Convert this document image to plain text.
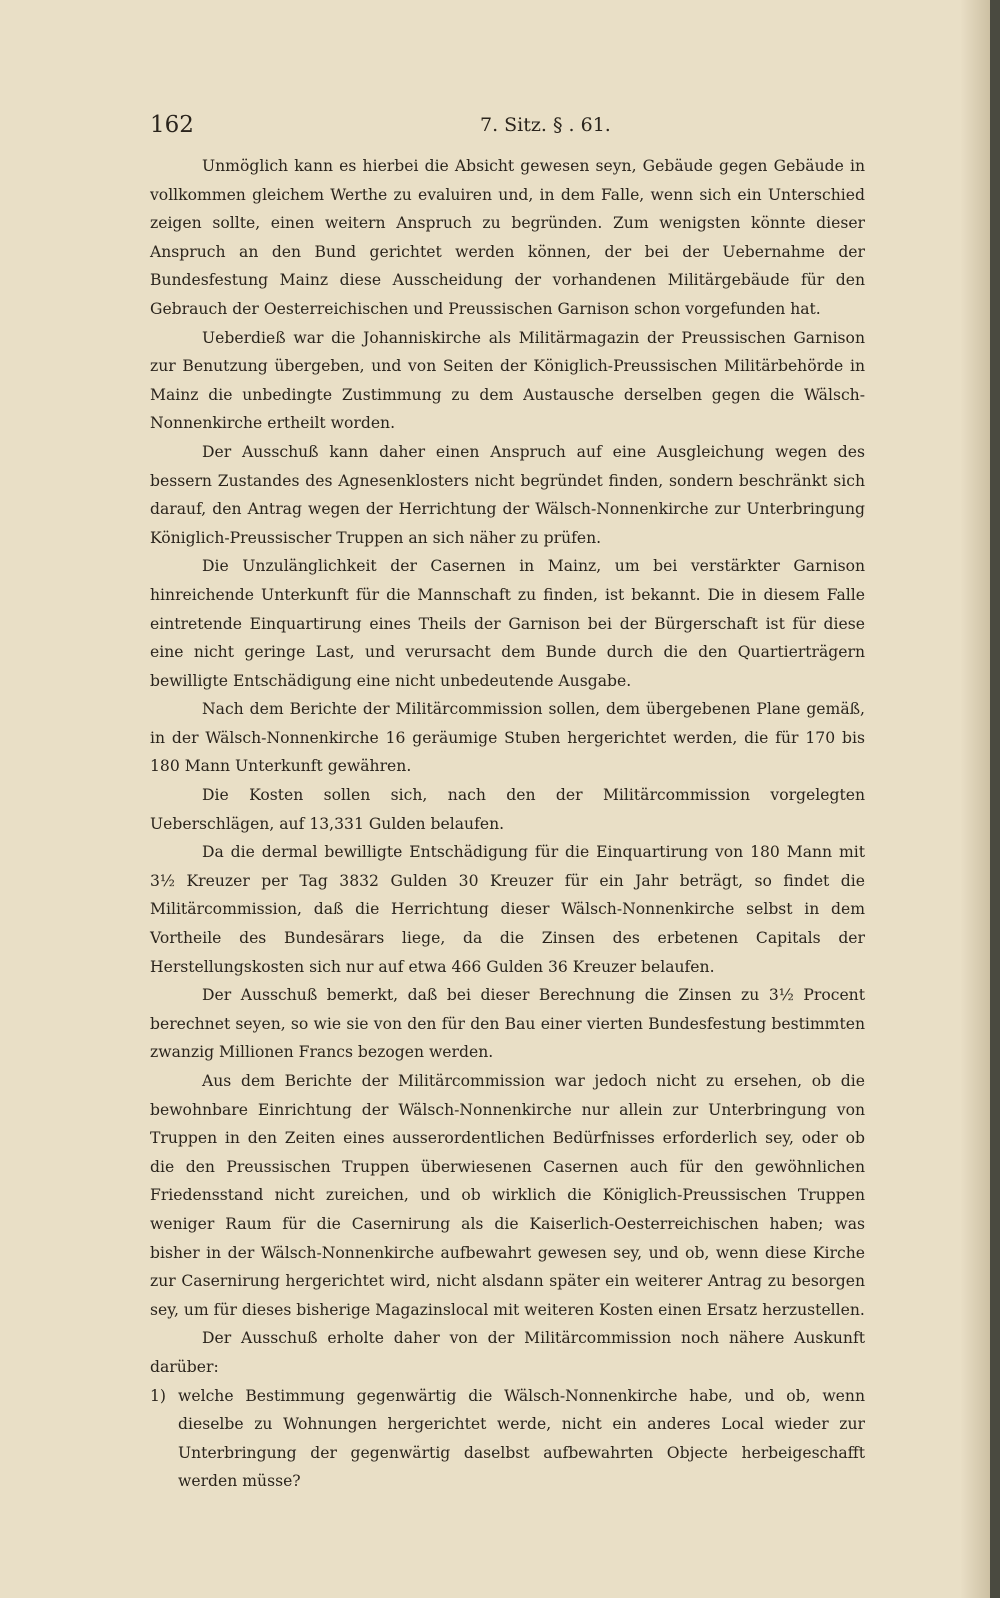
162	7. Sitz. § . 61.

Unmöglich kann es hierbei die Absicht gewesen seyn, Gebäude gegen Gebäude in vollkommen gleichem Werthe zu evaluiren und, in dem Falle, wenn sich ein Unterschied zeigen sollte, einen weitern Anspruch zu begründen. Zum wenigsten könnte dieser Anspruch an den Bund gerichtet werden können, der bei der Uebernahme der Bundesfestung Mainz diese Ausscheidung der vorhandenen Militärgebäude für den Gebrauch der Oesterreichischen und Preussischen Garnison schon vorgefunden hat.

Ueberdieß war die Johanniskirche als Militärmagazin der Preussischen Garnison zur Benutzung übergeben, und von Seiten der Königlich-Preussischen Militärbehörde in Mainz die unbedingte Zustimmung zu dem Austausche derselben gegen die Wälsch-Nonnenkirche ertheilt worden.

Der Ausschuß kann daher einen Anspruch auf eine Ausgleichung wegen des bessern Zustandes des Agnesenklosters nicht begründet finden, sondern beschränkt sich darauf, den Antrag wegen der Herrichtung der Wälsch-Nonnenkirche zur Unterbringung Königlich-Preussischer Truppen an sich näher zu prüfen.

Die Unzulänglichkeit der Casernen in Mainz, um bei verstärkter Garnison hinreichende Unterkunft für die Mannschaft zu finden, ist bekannt. Die in diesem Falle eintretende Einquartirung eines Theils der Garnison bei der Bürgerschaft ist für diese eine nicht geringe Last, und verursacht dem Bunde durch die den Quartierträgern bewilligte Entschädigung eine nicht unbedeutende Ausgabe.

Nach dem Berichte der Militärcommission sollen, dem übergebenen Plane gemäß, in der Wälsch-Nonnenkirche 16 geräumige Stuben hergerichtet werden, die für 170 bis 180 Mann Unterkunft gewähren.

Die Kosten sollen sich, nach den der Militärcommission vorgelegten Ueberschlägen, auf 13,331 Gulden belaufen.

Da die dermal bewilligte Entschädigung für die Einquartirung von 180 Mann mit 3½ Kreuzer per Tag 3832 Gulden 30 Kreuzer für ein Jahr beträgt, so findet die Militärcommission, daß die Herrichtung dieser Wälsch-Nonnenkirche selbst in dem Vortheile des Bundesärars liege, da die Zinsen des erbetenen Capitals der Herstellungskosten sich nur auf etwa 466 Gulden 36 Kreuzer belaufen.

Der Ausschuß bemerkt, daß bei dieser Berechnung die Zinsen zu 3½ Procent berechnet seyen, so wie sie von den für den Bau einer vierten Bundesfestung bestimmten zwanzig Millionen Francs bezogen werden.

Aus dem Berichte der Militärcommission war jedoch nicht zu ersehen, ob die bewohnbare Einrichtung der Wälsch-Nonnenkirche nur allein zur Unterbringung von Truppen in den Zeiten eines ausserordentlichen Bedürfnisses erforderlich sey, oder ob die den Preussischen Truppen überwiesenen Casernen auch für den gewöhnlichen Friedensstand nicht zureichen, und ob wirklich die Königlich-Preussischen Truppen weniger Raum für die Casernirung als die Kaiserlich-Oesterreichischen haben; was bisher in der Wälsch-Nonnenkirche aufbewahrt gewesen sey, und ob, wenn diese Kirche zur Casernirung hergerichtet wird, nicht alsdann später ein weiterer Antrag zu besorgen sey, um für dieses bisherige Magazinslocal mit weiteren Kosten einen Ersatz herzustellen.

Der Ausschuß erholte daher von der Militärcommission noch nähere Auskunft darüber:

1) welche Bestimmung gegenwärtig die Wälsch-Nonnenkirche habe, und ob, wenn dieselbe zu Wohnungen hergerichtet werde, nicht ein anderes Local wieder zur Unterbringung der gegenwärtig daselbst aufbewahrten Objecte herbeigeschafft werden müsse?
